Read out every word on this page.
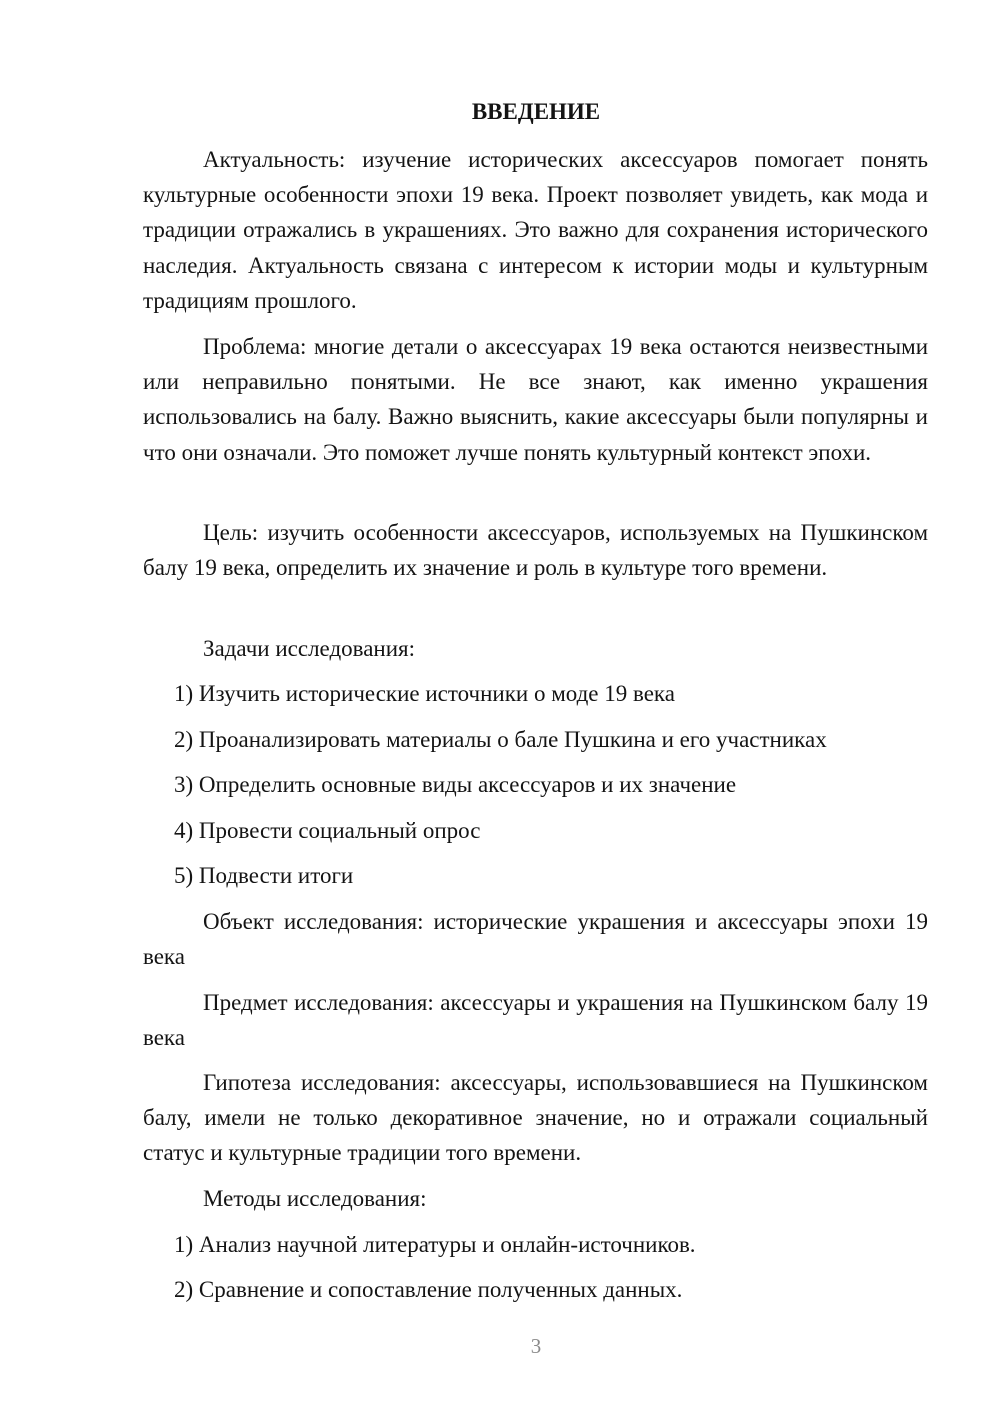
ВВЕДЕНИЕ

Актуальность: изучение исторических аксессуаров помогает понять культурные особенности эпохи 19 века. Проект позволяет увидеть, как мода и традиции отражались в украшениях. Это важно для сохранения исторического наследия. Актуальность связана с интересом к истории моды и культурным традициям прошлого.

Проблема: многие детали о аксессуарах 19 века остаются неизвестными или неправильно понятыми. Не все знают, как именно украшения использовались на балу. Важно выяснить, какие аксессуары были популярны и что они означали. Это поможет лучше понять культурный контекст эпохи.

Цель: изучить особенности аксессуаров, используемых на Пушкинском балу 19 века, определить их значение и роль в культуре того времени.

Задачи исследования:
1) Изучить исторические источники о моде 19 века
2) Проанализировать материалы о бале Пушкина и его участниках
3) Определить основные виды аксессуаров и их значение
4) Провести социальный опрос
5) Подвести итоги

Объект исследования: исторические украшения и аксессуары эпохи 19 века

Предмет исследования: аксессуары и украшения на Пушкинском балу 19 века

Гипотеза исследования: аксессуары, использовавшиеся на Пушкинском балу, имели не только декоративное значение, но и отражали социальный статус и культурные традиции того времени.

Методы исследования:
1) Анализ научной литературы и онлайн-источников.
2) Сравнение и сопоставление полученных данных.
3
